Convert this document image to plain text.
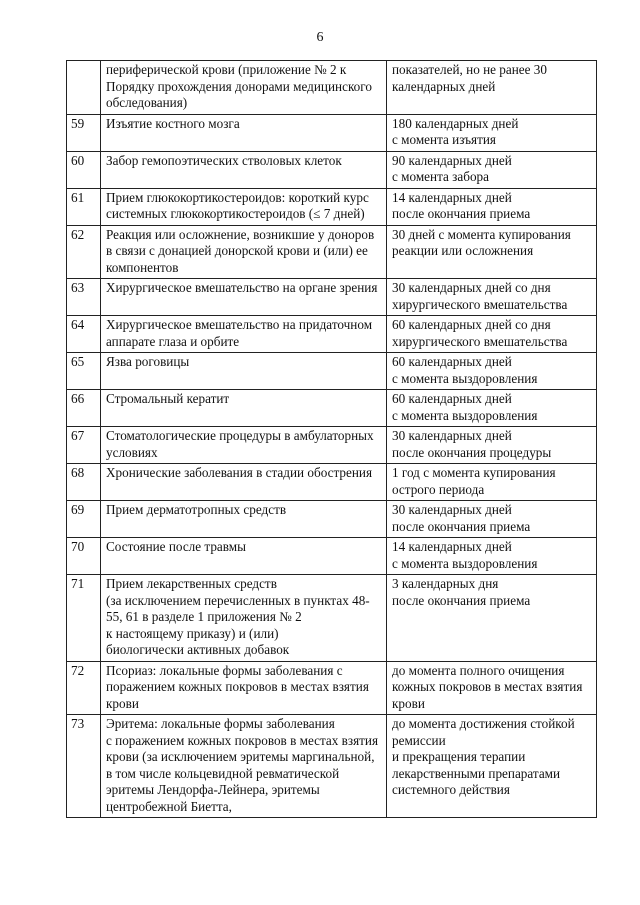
6
	периферической крови (приложение № 2 к Порядку прохождения донорами медицинского обследования)	показателей, но не ранее 30 календарных дней
59	Изъятие костного мозга	180 календарных дней
с момента изъятия
60	Забор гемопоэтических стволовых клеток	90 календарных дней
с момента забора
61	Прием глюкокортикостероидов: короткий курс системных глюкокортикостероидов (≤ 7 дней)	14 календарных дней
после окончания приема
62	Реакция или осложнение, возникшие у доноров в связи с донацией донорской крови и (или) ее компонентов	30 дней с момента купирования реакции или осложнения
63	Хирургическое вмешательство на органе зрения	30 календарных дней со дня хирургического вмешательства
64	Хирургическое вмешательство на придаточном аппарате глаза и орбите	60 календарных дней со дня хирургического вмешательства
65	Язва роговицы	60 календарных дней
с момента выздоровления
66	Стромальный кератит	60 календарных дней
с момента выздоровления
67	Стоматологические процедуры в амбулаторных условиях	30 календарных дней
после окончания процедуры
68	Хронические заболевания в стадии обострения	1 год с момента купирования острого периода
69	Прием дерматотропных средств	30 календарных дней
после окончания приема
70	Состояние после травмы	14 календарных дней
с момента выздоровления
71	Прием лекарственных средств
(за исключением перечисленных в пунктах 48-55, 61 в разделе 1 приложения № 2
к настоящему приказу) и (или)
биологически активных добавок	3 календарных дня
после окончания приема
72	Псориаз: локальные формы заболевания с поражением кожных покровов в местах взятия крови	до момента полного очищения кожных покровов в местах взятия крови
73	Эритема: локальные формы заболевания
с поражением кожных покровов в местах взятия крови (за исключением эритемы маргинальной, в том числе кольцевидной ревматической эритемы Лендорфа-Лейнера, эритемы центробежной Биетта,	до момента достижения стойкой ремиссии
и прекращения терапии лекарственными препаратами системного действия
